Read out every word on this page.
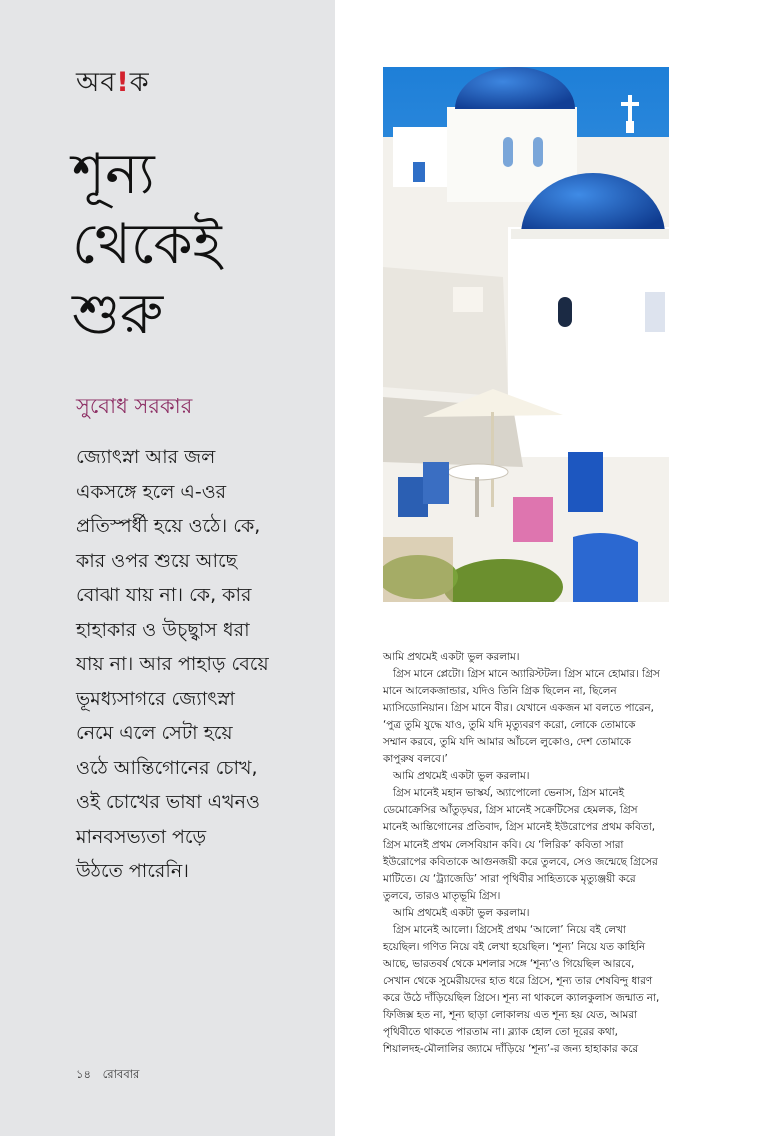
অব!ক
শূন্য
থেকেই
শুরু
সুবোধ সরকার
জ্যোৎস্না আর জল
একসঙ্গে হলে এ-ওর
প্রতিস্পর্ধী হয়ে ওঠে। কে,
কার ওপর শুয়ে আছে
বোঝা যায় না। কে, কার
হাহাকার ও উচ্ছ্বাস ধরা
যায় না। আর পাহাড় বেয়ে
ভূমধ্যসাগরে জ্যোৎস্না
নেমে এলে সেটা হয়ে
ওঠে আন্তিগোনের চোখ,
ওই চোখের ভাষা এখনও
মানবসভ্যতা পড়ে
উঠতে পারেনি।
১৪ রোববার
আমি প্রথমেই একটা ভুল করলাম।
গ্রিস মানে প্লেটো। গ্রিস মানে অ্যারিস্টটল। গ্রিস মানে হোমার। গ্রিস
মানে আলেকজান্ডার, যদিও তিনি গ্রিক ছিলেন না, ছিলেন
ম্যাসিডোনিয়ান। গ্রিস মানে বীর। যেখানে একজন মা বলতে পারেন,
‘পুত্র তুমি যুদ্ধে যাও, তুমি যদি মৃত্যুবরণ করো, লোকে তোমাকে
সম্মান করবে, তুমি যদি আমার আঁচলে লুকোও, দেশ তোমাকে
কাপুরুষ বলবে।’
আমি প্রথমেই একটা ভুল করলাম।
গ্রিস মানেই মহান ভাস্কর্য, অ্যাপোলো ভেনাস, গ্রিস মানেই
ডেমোক্রেসির আঁতুড়ঘর, গ্রিস মানেই সক্রেটিসের হেমলক, গ্রিস
মানেই আন্তিগোনের প্রতিবাদ, গ্রিস মানেই ইউরোপের প্রথম কবিতা,
গ্রিস মানেই প্রথম লেসবিয়ান কবি। যে ‘লিরিক’ কবিতা সারা
ইউরোপের কবিতাকে আগুনজয়ী করে তুলবে, সেও জন্মেছে গ্রিসের
মাটিতে। যে ‘ট্র্যাজেডি’ সারা পৃথিবীর সাহিত্যকে মৃত্যুঞ্জয়ী করে
তুলবে, তারও মাতৃভূমি গ্রিস।
আমি প্রথমেই একটা ভুল করলাম।
গ্রিস মানেই আলো। গ্রিসেই প্রথম ‘আলো’ নিয়ে বই লেখা
হয়েছিল। গণিত নিয়ে বই লেখা হয়েছিল। ‘শূন্য’ নিয়ে যত কাহিনি
আছে, ভারতবর্ষ থেকে মশলার সঙ্গে ‘শূন্য’ও গিয়েছিল আরবে,
সেখান থেকে সুমেরীয়দের হাত ধরে গ্রিসে, শূন্য তার শেষবিন্দু ধারণ
করে উঠে দাঁড়িয়েছিল গ্রিসে। শূন্য না থাকলে ক্যালকুলাস জন্মাত না,
ফিজিক্স হত না, শূন্য ছাড়া লোকালয় এত শূন্য হয় যেত, আমরা
পৃথিবীতে থাকতে পারতাম না। ব্ল্যাক হোল তো দূরের কথা,
শিয়ালদহ-মৌলালির জ্যামে দাঁড়িয়ে ‘শূন্য’-র জন্য হাহাকার করে
